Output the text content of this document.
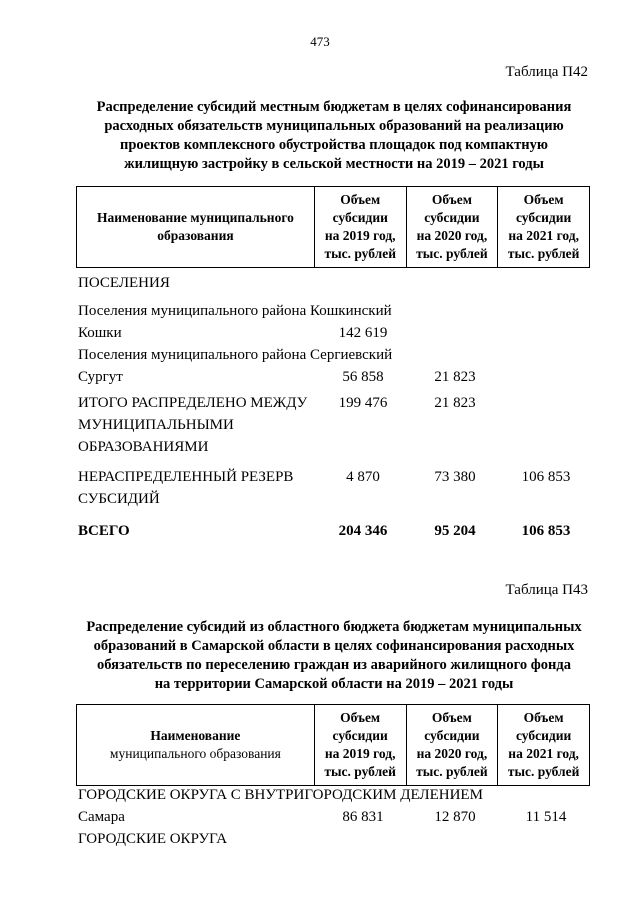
473
Таблица П42
Распределение субсидий местным бюджетам в целях софинансирования
расходных обязательств муниципальных образований на реализацию
проектов комплексного обустройства площадок под компактную
жилищную застройку в сельской местности на 2019 – 2021 годы
Наименование муниципального
образования

Объем
субсидии
на 2019 год,
тыс. рублей

Объем
субсидии
на 2020 год,
тыс. рублей

Объем
субсидии
на 2021 год,
тыс. рублей
ПОСЕЛЕНИЯ
Поселения муниципального района Кошкинский
Кошки	142 619
Поселения муниципального района Сергиевский
Сургут	56 858	21 823
ИТОГО РАСПРЕДЕЛЕНО МЕЖДУ
МУНИЦИПАЛЬНЫМИ
ОБРАЗОВАНИЯМИ
199 476	21 823
НЕРАСПРЕДЕЛЕННЫЙ РЕЗЕРВ
СУБСИДИЙ
4 870	73 380	106 853
ВСЕГО	204 346	95 204	106 853
Таблица П43
Распределение субсидий из областного бюджета бюджетам муниципальных
образований в Самарской области в целях софинансирования расходных
обязательств по переселению граждан из аварийного жилищного фонда
на территории Самарской области на 2019 – 2021 годы
Наименование
муниципального образования

Объем
субсидии
на 2019 год,
тыс. рублей

Объем
субсидии
на 2020 год,
тыс. рублей

Объем
субсидии
на 2021 год,
тыс. рублей
ГОРОДСКИЕ ОКРУГА С ВНУТРИГОРОДСКИМ ДЕЛЕНИЕМ
Самара	86 831	12 870	11 514
ГОРОДСКИЕ ОКРУГА
